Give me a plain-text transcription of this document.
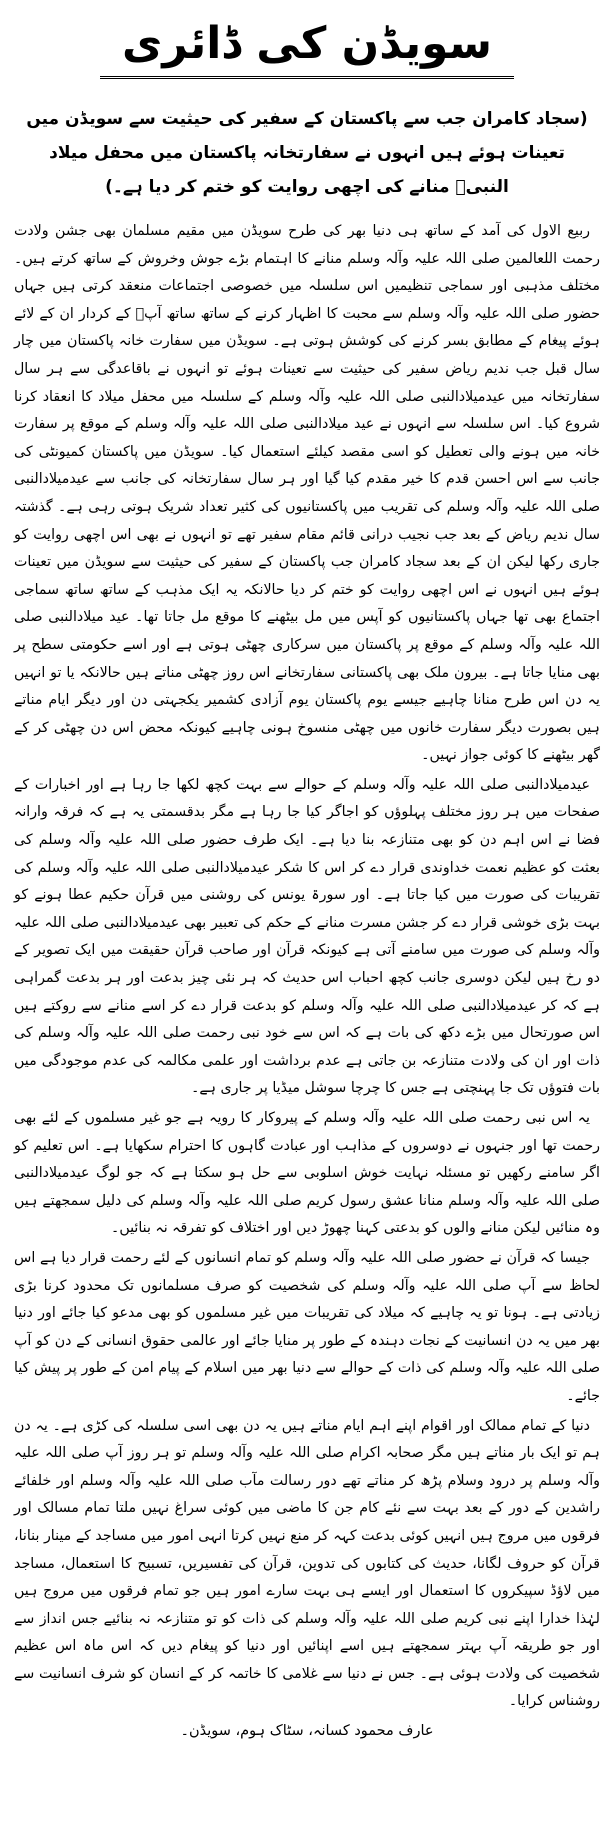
سویڈن کی ڈائری
(سجاد کامران جب سے پاکستان کے سفیر کی حیثیت سے سویڈن میں تعینات ہوئے ہیں انہوں نے سفارتخانہ پاکستان میں محفل میلاد النبیؐ منانے کی اچھی روایت کو ختم کر دیا ہے۔)

ربیع الاول کی آمد کے ساتھ ہی دنیا بھر کی طرح سویڈن میں مقیم مسلمان بھی جشن ولادت رحمت اللعالمین صلی اللہ علیہ وآلہ وسلم منانے کا اہتمام بڑے جوش وخروش کے ساتھ کرتے ہیں۔ مختلف مذہبی اور سماجی تنظیمیں اس سلسلہ میں خصوصی اجتماعات منعقد کرتی ہیں جہاں حضور صلی اللہ علیہ وآلہ وسلم سے محبت کا اظہار کرنے کے ساتھ ساتھ آپؐ کے کردار ان کے لائے ہوئے پیغام کے مطابق بسر کرنے کی کوشش ہوتی ہے۔ سویڈن میں سفارت خانہ پاکستان میں چار سال قبل جب ندیم ریاض سفیر کی حیثیت سے تعینات ہوئے تو انہوں نے باقاعدگی سے ہر سال سفارتخانہ میں عیدمیلادالنبی صلی اللہ علیہ وآلہ وسلم کے سلسلہ میں محفل میلاد کا انعقاد کرنا شروع کیا۔ اس سلسلہ سے انہوں نے عید میلادالنبی صلی اللہ علیہ وآلہ وسلم کے موقع پر سفارت خانہ میں ہونے والی تعطیل کو اسی مقصد کیلئے استعمال کیا۔ سویڈن میں پاکستان کمیونٹی کی جانب سے اس احسن قدم کا خیر مقدم کیا گیا اور ہر سال سفارتخانہ کی جانب سے عیدمیلادالنبی صلی اللہ علیہ وآلہ وسلم کی تقریب میں پاکستانیوں کی کثیر تعداد شریک ہوتی رہی ہے۔ گذشتہ سال ندیم ریاض کے بعد جب نجیب درانی قائم مقام سفیر تھے تو انہوں نے بھی اس اچھی روایت کو جاری رکھا لیکن ان کے بعد سجاد کامران جب پاکستان کے سفیر کی حیثیت سے سویڈن میں تعینات ہوئے ہیں انہوں نے اس اچھی روایت کو ختم کر دیا حالانکہ یہ ایک مذہب کے ساتھ ساتھ سماجی اجتماع بھی تھا جہاں پاکستانیوں کو آپس میں مل بیٹھنے کا موقع مل جاتا تھا۔ عید میلادالنبی صلی اللہ علیہ وآلہ وسلم کے موقع پر پاکستان میں سرکاری چھٹی ہوتی ہے اور اسے حکومتی سطح پر بھی منایا جاتا ہے۔ بیرون ملک بھی پاکستانی سفارتخانے اس روز چھٹی مناتے ہیں حالانکہ یا تو انہیں یہ دن اس طرح منانا چاہیے جیسے یوم پاکستان یوم آزادی کشمیر یکجہتی دن اور دیگر ایام مناتے ہیں بصورت دیگر سفارت خانوں میں چھٹی منسوخ ہونی چاہیے کیونکہ محض اس دن چھٹی کر کے گھر بیٹھنے کا کوئی جواز نہیں۔

عیدمیلادالنبی صلی اللہ علیہ وآلہ وسلم کے حوالے سے بہت کچھ لکھا جا رہا ہے اور اخبارات کے صفحات میں ہر روز مختلف پہلوؤں کو اجاگر کیا جا رہا ہے مگر بدقسمتی یہ ہے کہ فرقہ وارانہ فضا نے اس اہم دن کو بھی متنازعہ بنا دیا ہے۔ ایک طرف حضور صلی اللہ علیہ وآلہ وسلم کی بعثت کو عظیم نعمت خداوندی قرار دے کر اس کا شکر عیدمیلادالنبی صلی اللہ علیہ وآلہ وسلم کی تقریبات کی صورت میں کیا جاتا ہے۔ اور سورۃ یونس کی روشنی میں قرآن حکیم عطا ہونے کو بہت بڑی خوشی قرار دے کر جشن مسرت منانے کے حکم کی تعبیر بھی عیدمیلادالنبی صلی اللہ علیہ وآلہ وسلم کی صورت میں سامنے آتی ہے کیونکہ قرآن اور صاحب قرآن حقیقت میں ایک تصویر کے دو رخ ہیں لیکن دوسری جانب کچھ احباب اس حدیث کہ ہر نئی چیز بدعت اور ہر بدعت گمراہی ہے کہ کر عیدمیلادالنبی صلی اللہ علیہ وآلہ وسلم کو بدعت قرار دے کر اسے منانے سے روکتے ہیں اس صورتحال میں بڑے دکھ کی بات ہے کہ اس سے خود نبی رحمت صلی اللہ علیہ وآلہ وسلم کی ذات اور ان کی ولادت متنازعہ بن جاتی ہے عدم برداشت اور علمی مکالمہ کی عدم موجودگی میں بات فتوؤں تک جا پہنچتی ہے جس کا چرچا سوشل میڈیا پر جاری ہے۔

یہ اس نبی رحمت صلی اللہ علیہ وآلہ وسلم کے پیروکار کا رویہ ہے جو غیر مسلموں کے لئے بھی رحمت تھا اور جنہوں نے دوسروں کے مذاہب اور عبادت گاہوں کا احترام سکھایا ہے۔ اس تعلیم کو اگر سامنے رکھیں تو مسئلہ نہایت خوش اسلوبی سے حل ہو سکتا ہے کہ جو لوگ عیدمیلادالنبی صلی اللہ علیہ وآلہ وسلم منانا عشق رسول کریم صلی اللہ علیہ وآلہ وسلم کی دلیل سمجھتے ہیں وہ منائیں لیکن منانے والوں کو بدعتی کہنا چھوڑ دیں اور اختلاف کو تفرقہ نہ بنائیں۔

جیسا کہ قرآن نے حضور صلی اللہ علیہ وآلہ وسلم کو تمام انسانوں کے لئے رحمت قرار دیا ہے اس لحاظ سے آپ صلی اللہ علیہ وآلہ وسلم کی شخصیت کو صرف مسلمانوں تک محدود کرنا بڑی زیادتی ہے۔ ہونا تو یہ چاہیے کہ میلاد کی تقریبات میں غیر مسلموں کو بھی مدعو کیا جائے اور دنیا بھر میں یہ دن انسانیت کے نجات دہندہ کے طور پر منایا جائے اور عالمی حقوق انسانی کے دن کو آپ صلی اللہ علیہ وآلہ وسلم کی ذات کے حوالے سے دنیا بھر میں اسلام کے پیام امن کے طور پر پیش کیا جائے۔

دنیا کے تمام ممالک اور اقوام اپنے اہم ایام مناتے ہیں یہ دن بھی اسی سلسلہ کی کڑی ہے۔ یہ دن ہم تو ایک بار مناتے ہیں مگر صحابہ اکرام صلی اللہ علیہ وآلہ وسلم تو ہر روز آپ صلی اللہ علیہ وآلہ وسلم پر درود وسلام پڑھ کر مناتے تھے دور رسالت مآب صلی اللہ علیہ وآلہ وسلم اور خلفائے راشدین کے دور کے بعد بہت سے نئے کام جن کا ماضی میں کوئی سراغ نہیں ملتا تمام مسالک اور فرقوں میں مروج ہیں انہیں کوئی بدعت کہہ کر منع نہیں کرتا انہی امور میں مساجد کے مینار بنانا، قرآن کو حروف لگانا، حدیث کی کتابوں کی تدوین، قرآن کی تفسیریں، تسبیح کا استعمال، مساجد میں لاؤڈ سپیکروں کا استعمال اور ایسے ہی بہت سارے امور ہیں جو تمام فرقوں میں مروج ہیں لہٰذا خدارا اپنے نبی کریم صلی اللہ علیہ وآلہ وسلم کی ذات کو تو متنازعہ نہ بنائیے جس انداز سے اور جو طریقہ آپ بہتر سمجھتے ہیں اسے اپنائیں اور دنیا کو پیغام دیں کہ اس ماہ اس عظیم شخصیت کی ولادت ہوئی ہے۔ جس نے دنیا سے غلامی کا خاتمہ کر کے انسان کو شرف انسانیت سے روشناس کرایا۔

عارف محمود کسانہ، سٹاک ہوم، سویڈن۔
